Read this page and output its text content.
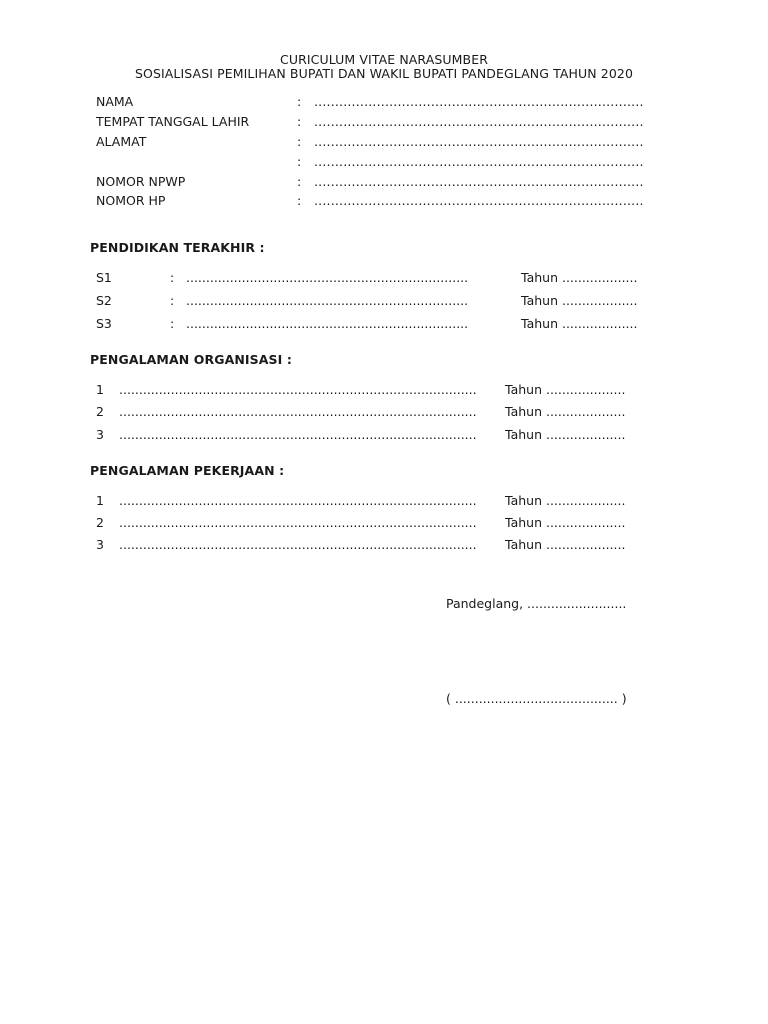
CURICULUM VITAE NARASUMBER
SOSIALISASI PEMILIHAN BUPATI DAN WAKIL BUPATI PANDEGLANG TAHUN 2020
NAMA	: ...............................................................................
TEMPAT TANGGAL LAHIR	: ...............................................................................
ALAMAT	: ...............................................................................
: ...............................................................................
NOMOR NPWP	: ...............................................................................
NOMOR HP	: ...............................................................................
PENDIDIKAN TERAKHIR :
S1	: .......................................................................	Tahun ...................
S2	: .......................................................................	Tahun ...................
S3	: .......................................................................	Tahun ...................
PENGALAMAN ORGANISASI :
1 .......................................................................................... Tahun ....................
2 .......................................................................................... Tahun ....................
3 .......................................................................................... Tahun ....................
PENGALAMAN PEKERJAAN :
1 .......................................................................................... Tahun ....................
2 .......................................................................................... Tahun ....................
3 .......................................................................................... Tahun ....................
Pandeglang, .........................
( ......................................... )
